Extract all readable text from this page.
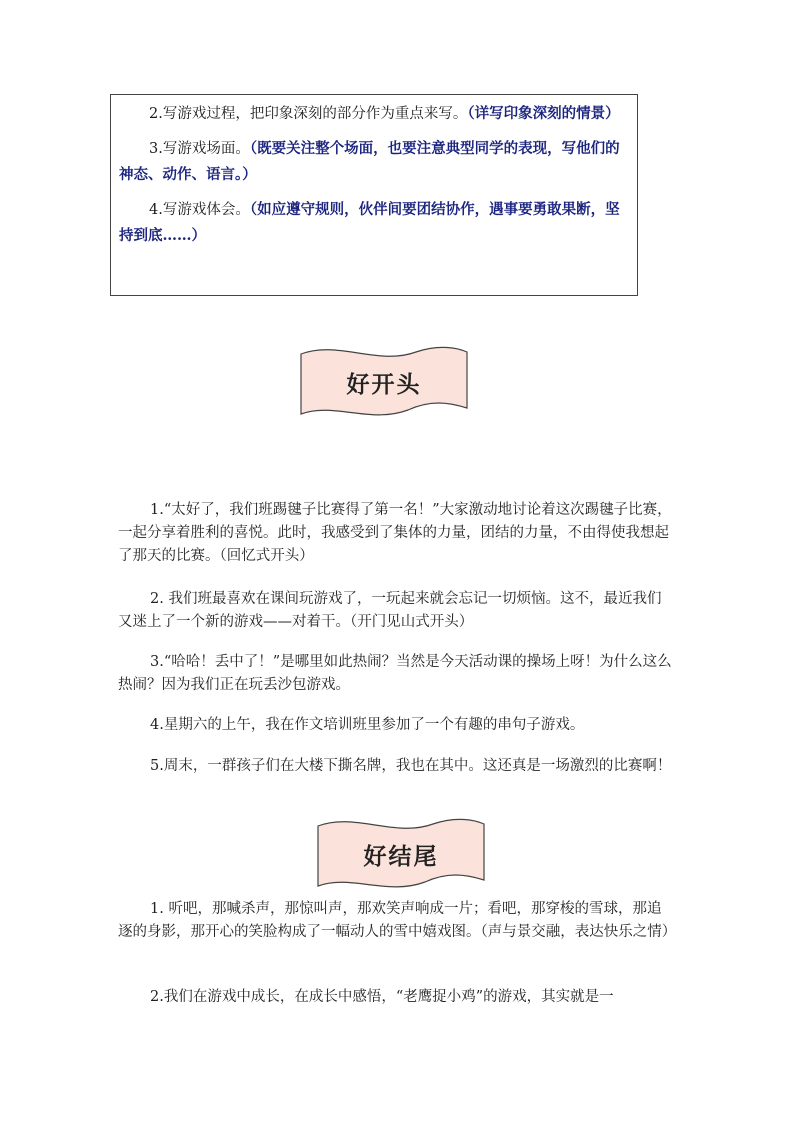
2.写游戏过程，把印象深刻的部分作为重点来写。（详写印象深刻的情景）

3.写游戏场面。（既要关注整个场面，也要注意典型同学的表现，写他们的神态、动作、语言。）

4.写游戏体会。（如应遵守规则，伙伴间要团结协作，遇事要勇敢果断，坚持到底……）

好开头

1.“太好了，我们班踢毽子比赛得了第一名！”大家激动地讨论着这次踢毽子比赛，一起分享着胜利的喜悦。此时，我感受到了集体的力量，团结的力量，不由得使我想起了那天的比赛。（回忆式开头）

2. 我们班最喜欢在课间玩游戏了，一玩起来就会忘记一切烦恼。这不，最近我们又迷上了一个新的游戏——对着干。（开门见山式开头）

3.“哈哈！丢中了！”是哪里如此热闹？当然是今天活动课的操场上呀！为什么这么热闹？因为我们正在玩丢沙包游戏。

4.星期六的上午，我在作文培训班里参加了一个有趣的串句子游戏。

5.周末，一群孩子们在大楼下撕名牌，我也在其中。这还真是一场激烈的比赛啊！

好结尾

1. 听吧，那喊杀声，那惊叫声，那欢笑声响成一片；看吧，那穿梭的雪球，那追逐的身影，那开心的笑脸构成了一幅动人的雪中嬉戏图。（声与景交融，表达快乐之情）

2.我们在游戏中成长，在成长中感悟，“老鹰捉小鸡”的游戏，其实就是一
